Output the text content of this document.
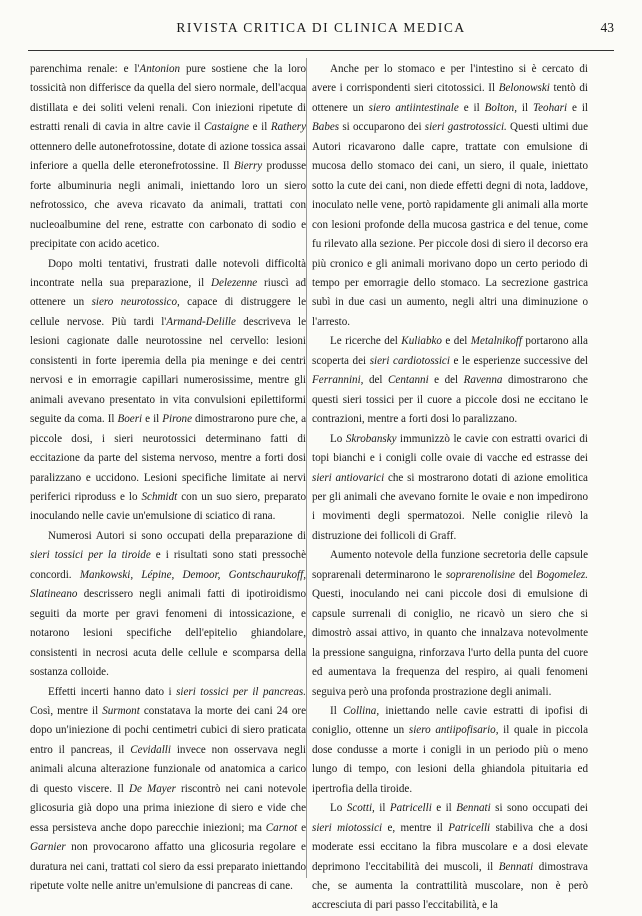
RIVISTA CRITICA DI CLINICA MEDICA	43

parenchima renale: e l'Antonion pure sostiene che la loro tossicità non differisce da quella del siero normale, dell'acqua distillata e dei soliti veleni renali. Con iniezioni ripetute di estratti renali di cavia in altre cavie il Castaigne e il Rathery ottennero delle autonefrotossine, dotate di azione tossica assai inferiore a quella delle eteronefrotossine. Il Bierry produsse forte albuminuria negli animali, iniettando loro un siero nefrotossico, che aveva ricavato da animali, trattati con nucleoalbumine del rene, estratte con carbonato di sodio e precipitate con acido acetico.

Dopo molti tentativi, frustrati dalle notevoli difficoltà incontrate nella sua preparazione, il Delezenne riuscì ad ottenere un siero neurotossico, capace di distruggere le cellule nervose. Più tardi l'Armand-Delille descriveva le lesioni cagionate dalle neurotossine nel cervello: lesioni consistenti in forte iperemia della pia meninge e dei centri nervosi e in emorragie capillari numerosissime, mentre gli animali avevano presentato in vita convulsioni epilettiformi seguite da coma. Il Boeri e il Pirone dimostrarono pure che, a piccole dosi, i sieri neurotossici determinano fatti di eccitazione da parte del sistema nervoso, mentre a forti dosi paralizzano e uccidono. Lesioni specifiche limitate ai nervi periferici riproduss e lo Schmidt con un suo siero, preparato inoculando nelle cavie un'emulsione di sciatico di rana.

Numerosi Autori si sono occupati della preparazione di sieri tossici per la tiroide e i risultati sono stati pressochè concordi. Mankowski, Lépine, Demoor, Gontschaurukoff, Slatineano descrissero negli animali fatti di ipotiroidismo seguiti da morte per gravi fenomeni di intossicazione, e notarono lesioni specifiche dell'epitelio ghiandolare, consistenti in necrosi acuta delle cellule e scomparsa della sostanza colloide.

Effetti incerti hanno dato i sieri tossici per il pancreas. Così, mentre il Surmont constatava la morte dei cani 24 ore dopo un'iniezione di pochi centimetri cubici di siero praticata entro il pancreas, il Cevidalli invece non osservava negli animali alcuna alterazione funzionale od anatomica a carico di questo viscere. Il De Mayer riscontrò nei cani notevole glicosuria già dopo una prima iniezione di siero e vide che essa persisteva anche dopo parecchie iniezioni; ma Carnot e Garnier non provocarono affatto una glicosuria regolare e duratura nei cani, trattati col siero da essi preparato iniettando ripetute volte nelle anitre un'emulsione di pancreas di cane.

Anche per lo stomaco e per l'intestino si è cercato di avere i corrispondenti sieri citotossici. Il Belonowski tentò di ottenere un siero antiintestinale e il Bolton, il Teohari e il Babes si occuparono dei sieri gastrotossici. Questi ultimi due Autori ricavarono dalle capre, trattate con emulsione di mucosa dello stomaco dei cani, un siero, il quale, iniettato sotto la cute dei cani, non diede effetti degni di nota, laddove, inoculato nelle vene, portò rapidamente gli animali alla morte con lesioni profonde della mucosa gastrica e del tenue, come fu rilevato alla sezione. Per piccole dosi di siero il decorso era più cronico e gli animali morivano dopo un certo periodo di tempo per emorragie dello stomaco. La secrezione gastrica subì in due casi un aumento, negli altri una diminuzione o l'arresto.

Le ricerche del Kuliabko e del Metalnikoff portarono alla scoperta dei sieri cardiotossici e le esperienze successive del Ferrannini, del Centanni e del Ravenna dimostrarono che questi sieri tossici per il cuore a piccole dosi ne eccitano le contrazioni, mentre a forti dosi lo paralizzano.

Lo Skrobansky immunizzò le cavie con estratti ovarici di topi bianchi e i conigli colle ovaie di vacche ed estrasse dei sieri antiovarici che si mostrarono dotati di azione emolitica per gli animali che avevano fornite le ovaie e non impedirono i movimenti degli spermatozoi. Nelle coniglie rilevò la distruzione dei follicoli di Graff.

Aumento notevole della funzione secretoria delle capsule soprarenali determinarono le soprarenolisine del Bogomelez. Questi, inoculando nei cani piccole dosi di emulsione di capsule surrenali di coniglio, ne ricavò un siero che si dimostrò assai attivo, in quanto che innalzava notevolmente la pressione sanguigna, rinforzava l'urto della punta del cuore ed aumentava la frequenza del respiro, ai quali fenomeni seguiva però una profonda prostrazione degli animali.

Il Collina, iniettando nelle cavie estratti di ipofisi di coniglio, ottenne un siero antiipofisario, il quale in piccola dose condusse a morte i conigli in un periodo più o meno lungo di tempo, con lesioni della ghiandola pituitaria ed ipertrofia della tiroide.

Lo Scotti, il Patricelli e il Bennati si sono occupati dei sieri miotossici e, mentre il Patricelli stabiliva che a dosi moderate essi eccitano la fibra muscolare e a dosi elevate deprimono l'eccitabilità dei muscoli, il Bennati dimostrava che, se aumenta la contrattilità muscolare, non è però accresciuta di pari passo l'eccitabilità, e la
